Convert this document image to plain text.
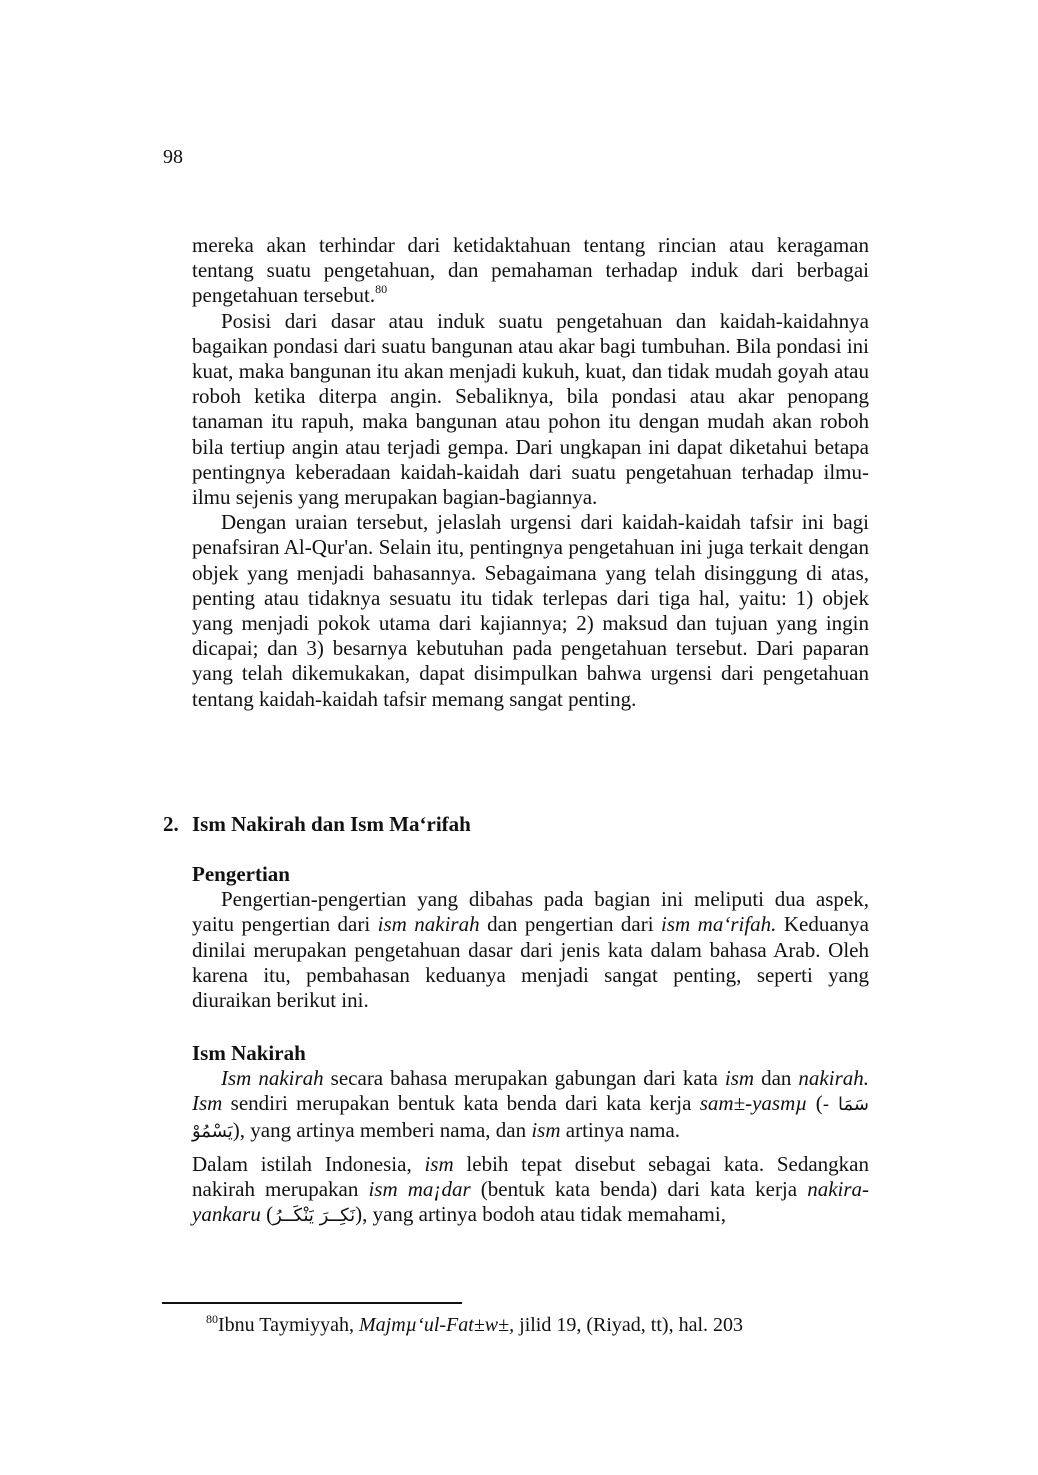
98

mereka akan terhindar dari ketidaktahuan tentang rincian atau keragaman tentang suatu pengetahuan, dan pemahaman terhadap induk dari berbagai pengetahuan tersebut.$^{80}$

Posisi dari dasar atau induk suatu pengetahuan dan kaidah-kaidahnya bagaikan pondasi dari suatu bangunan atau akar bagi tumbuhan. Bila pondasi ini kuat, maka bangunan itu akan menjadi kukuh, kuat, dan tidak mudah goyah atau roboh ketika diterpa angin. Sebaliknya, bila pondasi atau akar penopang tanaman itu rapuh, maka bangunan atau pohon itu dengan mudah akan roboh bila tertiup angin atau terjadi gempa. Dari ungkapan ini dapat diketahui betapa pentingnya keberadaan kaidah-kaidah dari suatu pengetahuan terhadap ilmu-ilmu sejenis yang merupakan bagian-bagiannya.

Dengan uraian tersebut, jelaslah urgensi dari kaidah-kaidah tafsir ini bagi penafsiran Al-Qur'an. Selain itu, pentingnya pengetahuan ini juga terkait dengan objek yang menjadi bahasannya. Sebagaimana yang telah disinggung di atas, penting atau tidaknya sesuatu itu tidak terlepas dari tiga hal, yaitu: 1) objek yang menjadi pokok utama dari kajiannya; 2) maksud dan tujuan yang ingin dicapai; dan 3) besarnya kebutuhan pada pengetahuan tersebut. Dari paparan yang telah dikemukakan, dapat disimpulkan bahwa urgensi dari pengetahuan tentang kaidah-kaidah tafsir memang sangat penting.

2. Ism Nakirah dan Ism Ma‘rifah
Pengertian

Pengertian-pengertian yang dibahas pada bagian ini meliputi dua aspek, yaitu pengertian dari ism nakirah dan pengertian dari ism ma‘rifah. Keduanya dinilai merupakan pengetahuan dasar dari jenis kata dalam bahasa Arab. Oleh karena itu, pembahasan keduanya menjadi sangat penting, seperti yang diuraikan berikut ini.

Ism Nakirah

Ism nakirah secara bahasa merupakan gabungan dari kata ism dan nakirah. Ism sendiri merupakan bentuk kata benda dari kata kerja sam±-yasmµ (سَمَا - يَسْمُوْ), yang artinya memberi nama, dan ism artinya nama.

Dalam istilah Indonesia, ism lebih tepat disebut sebagai kata. Sedangkan nakirah merupakan ism ma¡dar (bentuk kata benda) dari kata kerja nakira-yankaru (نَكِــرَ يَنْكَــرُ), yang artinya bodoh atau tidak memahami,

$^{80}$Ibnu Taymiyyah, Majmµ‘ul-Fat±w±, jilid 19, (Riyad, tt), hal. 203
